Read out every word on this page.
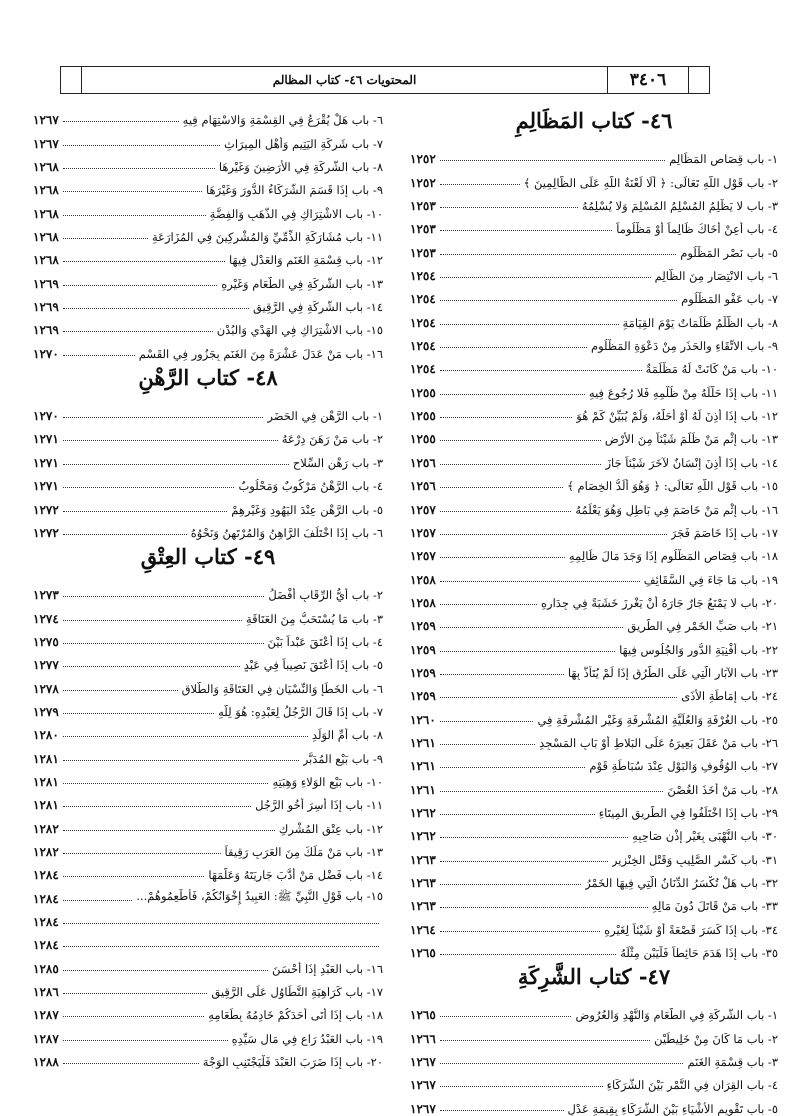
٣٤٠٦
المحتويات ٤٦- كتاب المظالم
٤٦- كتاب المَظَالِمِ
١- باب قِصَاصِ المَظَالِمِ
١٢٥٢
٢- باب قَوْلِ اللَّهِ تَعَالَى: ﴿ أَلَا لَعْنَةُ اللَّهِ عَلَى الظَّالِمِينَ ﴾
١٢٥٢
٣- باب لا يَظْلِمُ المُسْلِمُ المُسْلِمَ وَلا يُسْلِمُهُ
١٢٥٣
٤- باب أَعِنْ أَخَاكَ ظَالِماً أَوْ مَظْلُوماً
١٢٥٣
٥- باب نَصْرِ المَظْلُومِ
١٢٥٣
٦- باب الانْتِصَارِ مِنَ الظَّالِمِ
١٢٥٤
٧- باب عَفْوِ المَظْلُومِ
١٢٥٤
٨- باب الظُّلْمُ ظُلُمَاتٌ يَوْمَ القِيَامَةِ
١٢٥٤
٩- باب الاتِّقَاءِ والحَذَرِ مِنْ دَعْوَةِ المَظْلُومِ
١٢٥٤
١٠- باب مَنْ كَانَتْ لَهُ مَظْلَمَةٌ
١٢٥٤
١١- باب إِذَا حَلَّلَهُ مِنْ ظُلْمِهِ فَلا رُجُوعَ فِيهِ
١٢٥٥
١٢- باب إِذَا أَذِنَ لَهُ أَوْ أَحَلَّهُ، وَلَمْ يُبَيِّنْ كَمْ هُوَ
١٢٥٥
١٣- باب إِثْمِ مَنْ ظَلَمَ شَيْئاً مِنَ الأَرْضِ
١٢٥٥
١٤- باب إِذَا أَذِنَ إِنْسَانٌ لآخَرَ شَيْئاً جَازَ
١٢٥٦
١٥- باب قَوْلِ اللَّهِ تَعَالَى: ﴿ وَهُوَ أَلَدُّ الخِصَامِ ﴾
١٢٥٦
١٦- باب إِثْمِ مَنْ خَاصَمَ فِي بَاطِلٍ وَهُوَ يَعْلَمُهُ
١٢٥٧
١٧- باب إِذَا خَاصَمَ فَجَرَ
١٢٥٧
١٨- باب قِصَاصِ المَظْلُومِ إِذَا وَجَدَ مَالَ ظَالِمِهِ
١٢٥٧
١٩- باب مَا جَاءَ فِي السَّقَائِفِ
١٢٥٨
٢٠- باب لا يَمْنَعُ جَارٌ جَارَهُ أَنْ يَغْرِزَ خَشَبَةً فِي جِدَارِهِ
١٢٥٨
٢١- باب صَبِّ الخَمْرِ فِي الطَّرِيقِ
١٢٥٩
٢٢- باب أَفْنِيَةِ الدُّورِ وَالجُلُوسِ فِيهَا
١٢٥٩
٢٣- باب الآبَارِ الَّتِي عَلَى الطُّرُقِ إِذَا لَمْ يُتَأَذَّ بِهَا
١٢٥٩
٢٤- باب إِمَاطَةِ الأَذَى
١٢٥٩
٢٥- باب الغُرْفَةِ وَالعُلِّيَّةِ المُشْرِفَةِ وَغَيْرِ المُشْرِفَةِ فِي
١٢٦٠
٢٦- باب مَنْ عَقَلَ بَعِيرَهُ عَلَى البَلاطِ أَوْ بَابِ المَسْجِدِ
١٢٦١
٢٧- باب الوُقُوفِ وَالبَوْلِ عِنْدَ سُبَاطَةِ قَوْمٍ
١٢٦١
٢٨- باب مَنْ أَخَذَ الغُصْنَ
١٢٦١
٢٩- باب إِذَا اخْتَلَفُوا فِي الطَّرِيقِ المِيتَاءِ
١٢٦٢
٣٠- باب النُّهْبَى بِغَيْرِ إِذْنِ صَاحِبِهِ
١٢٦٢
٣١- باب كَسْرِ الصَّلِيبِ وَقَتْلِ الخِنْزِيرِ
١٢٦٣
٣٢- باب هَلْ تُكْسَرُ الدِّنَانُ الَّتِي فِيهَا الخَمْرُ
١٢٦٣
٣٣- باب مَنْ قَاتَلَ دُونَ مَالِهِ
١٢٦٣
٣٤- باب إِذَا كَسَرَ قَصْعَةً أَوْ شَيْئاً لِغَيْرِهِ
١٢٦٤
٣٥- باب إِذَا هَدَمَ حَائِطاً فَلْيَبْنِ مِثْلَهُ
١٢٦٥
٤٧- كتاب الشَّرِكَةِ
١- باب الشَّرِكَةِ فِي الطَّعَامِ وَالنَّهْدِ وَالعُرُوضِ
١٢٦٥
٢- باب مَا كَانَ مِنْ خَلِيطَيْنِ
١٢٦٦
٣- باب قِسْمَةِ الغَنَمِ
١٢٦٧
٤- باب القِرَانِ فِي التَّمْرِ بَيْنَ الشُّرَكَاءِ
١٢٦٧
٥- باب تَقْوِيمِ الأَشْيَاءِ بَيْنَ الشُّرَكَاءِ بِقِيمَةِ عَدْلٍ
١٢٦٧
٦- باب هَلْ يُقْرَعُ فِي القِسْمَةِ وَالاسْتِهَامِ فِيهِ
١٢٦٧
٧- باب شَرِكَةِ اليَتِيمِ وَأَهْلِ المِيرَاثِ
١٢٦٧
٨- باب الشَّرِكَةِ فِي الأَرَضِينَ وَغَيْرِهَا
١٢٦٨
٩- باب إِذَا قَسَمَ الشُّرَكَاءُ الدُّورَ وَغَيْرَهَا
١٢٦٨
١٠- باب الاشْتِرَاكِ فِي الذَّهَبِ وَالفِضَّةِ
١٢٦٨
١١- باب مُشَارَكَةِ الذِّمِّيِّ وَالمُشْرِكِينَ فِي المُزَارَعَةِ
١٢٦٨
١٢- باب قِسْمَةِ الغَنَمِ وَالعَدْلِ فِيهَا
١٢٦٨
١٣- باب الشَّرِكَةِ فِي الطَّعَامِ وَغَيْرِهِ
١٢٦٩
١٤- باب الشَّرِكَةِ فِي الرَّقِيقِ
١٢٦٩
١٥- باب الاشْتِرَاكِ فِي الهَدْيِ وَالبُدْنِ
١٢٦٩
١٦- باب مَنْ عَدَلَ عَشْرَةً مِنَ الغَنَمِ بِجَزُورٍ فِي القَسْمِ
١٢٧٠
٤٨- كتاب الرَّهْنِ
١- باب الرَّهْنِ فِي الحَضَرِ
١٢٧٠
٢- باب مَنْ رَهَنَ دِرْعَهُ
١٢٧١
٣- باب رَهْنِ السِّلاحِ
١٢٧١
٤- باب الرَّهْنُ مَرْكُوبٌ وَمَحْلُوبٌ
١٢٧١
٥- باب الرَّهْنِ عِنْدَ اليَهُودِ وَغَيْرِهِمْ
١٢٧٢
٦- باب إِذَا اخْتَلَفَ الرَّاهِنُ وَالمُرْتَهِنُ وَنَحْوُهُ
١٢٧٢
٤٩- كتاب العِتْقِ
٢- باب أَيُّ الرِّقَابِ أَفْضَلُ
١٢٧٣
٣- باب مَا يُسْتَحَبُّ مِنَ العَتَاقَةِ
١٢٧٤
٤- باب إِذَا أَعْتَقَ عَبْداً بَيْنَ
١٢٧٥
٥- باب إِذَا أَعْتَقَ نَصِيباً فِي عَبْدٍ
١٢٧٧
٦- باب الخَطَإِ وَالنِّسْيَانِ فِي العَتَاقَةِ وَالطَّلاقِ
١٢٧٨
٧- باب إِذَا قَالَ الرَّجُلُ لِعَبْدِهِ: هُوَ لِلَّهِ
١٢٧٩
٨- باب أُمِّ الوَلَدِ
١٢٨٠
٩- باب بَيْعِ المُدَبَّرِ
١٢٨١
١٠- باب بَيْعِ الوَلاءِ وَهِبَتِهِ
١٢٨١
١١- باب إِذَا أُسِرَ أَخُو الرَّجُلِ
١٢٨١
١٢- باب عِتْقِ المُشْرِكِ
١٢٨٢
١٣- باب مَنْ مَلَكَ مِنَ العَرَبِ رَقِيقاً
١٢٨٢
١٤- باب فَضْلِ مَنْ أَدَّبَ جَارِيَتَهُ وَعَلَّمَهَا
١٢٨٤
١٥- باب قَوْلِ النَّبِيِّ ﷺ: العَبِيدُ إِخْوَانُكُمْ، فَأَطْعِمُوهُمْ...
١٢٨٤
١٢٨٤
١٢٨٤
١٦- باب العَبْدِ إِذَا أَحْسَنَ
١٢٨٥
١٧- باب كَرَاهِيَةِ التَّطَاوُلِ عَلَى الرَّقِيقِ
١٢٨٦
١٨- باب إِذَا أَتَى أَحَدَكُمْ خَادِمُهُ بِطَعَامِهِ
١٢٨٧
١٩- باب العَبْدُ رَاعٍ فِي مَالِ سَيِّدِهِ
١٢٨٧
٢٠- باب إِذَا ضَرَبَ العَبْدَ فَلْيَجْتَنِبِ الوَجْهَ
١٢٨٨
